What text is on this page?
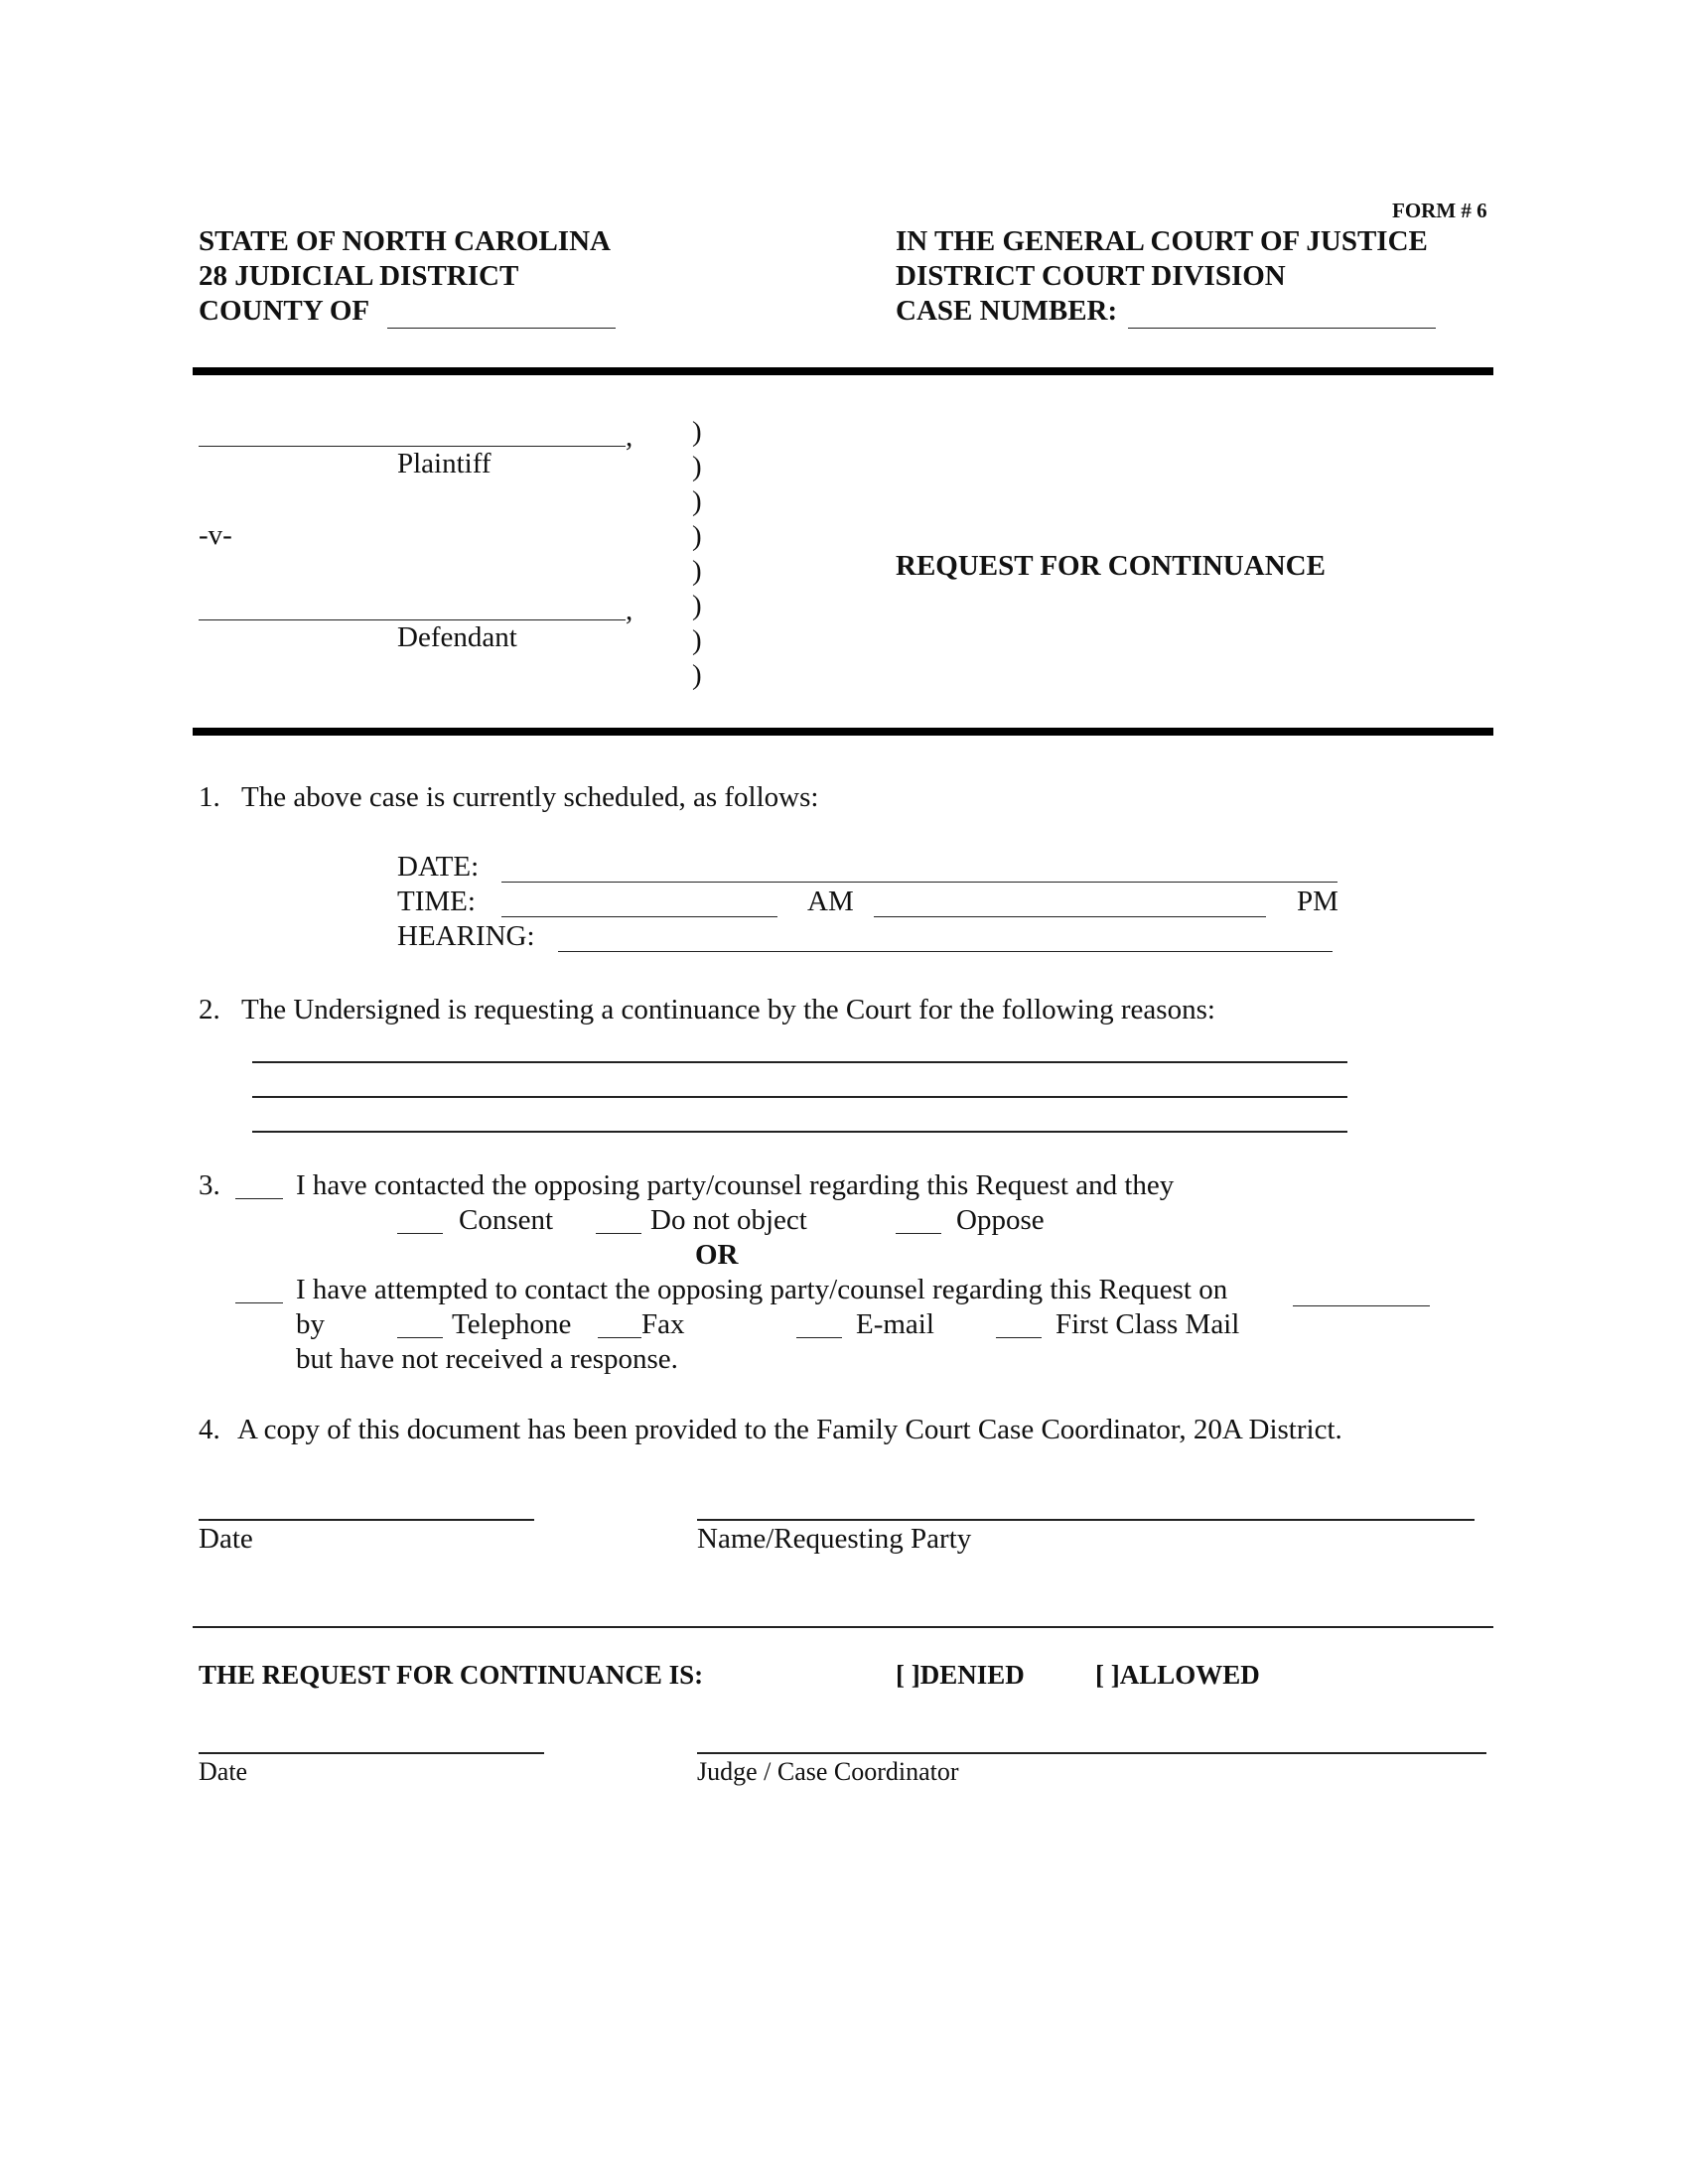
FORM # 6
STATE OF NORTH CAROLINA
28 JUDICIAL DISTRICT
COUNTY OF
IN THE GENERAL COURT OF JUSTICE
DISTRICT COURT DIVISION
CASE NUMBER:
,
Plaintiff
-v-
,
Defendant
)
)
)
)
)
)
)
)
REQUEST FOR CONTINUANCE
1. The above case is currently scheduled, as follows:
DATE:
TIME:	AM	PM
HEARING:
2. The Undersigned is requesting a continuance by the Court for the following reasons:
3.	I have contacted the opposing party/counsel regarding this Request and they
Consent	Do not object	Oppose
OR
I have attempted to contact the opposing party/counsel regarding this Request on
by	Telephone Fax	E-mail	First Class Mail
but have not received a response.
4. A copy of this document has been provided to the Family Court Case Coordinator, 20A District.
Date	Name/Requesting Party
THE REQUEST FOR CONTINUANCE IS:	[ ]DENIED	[ ]ALLOWED
Date	Judge / Case Coordinator
